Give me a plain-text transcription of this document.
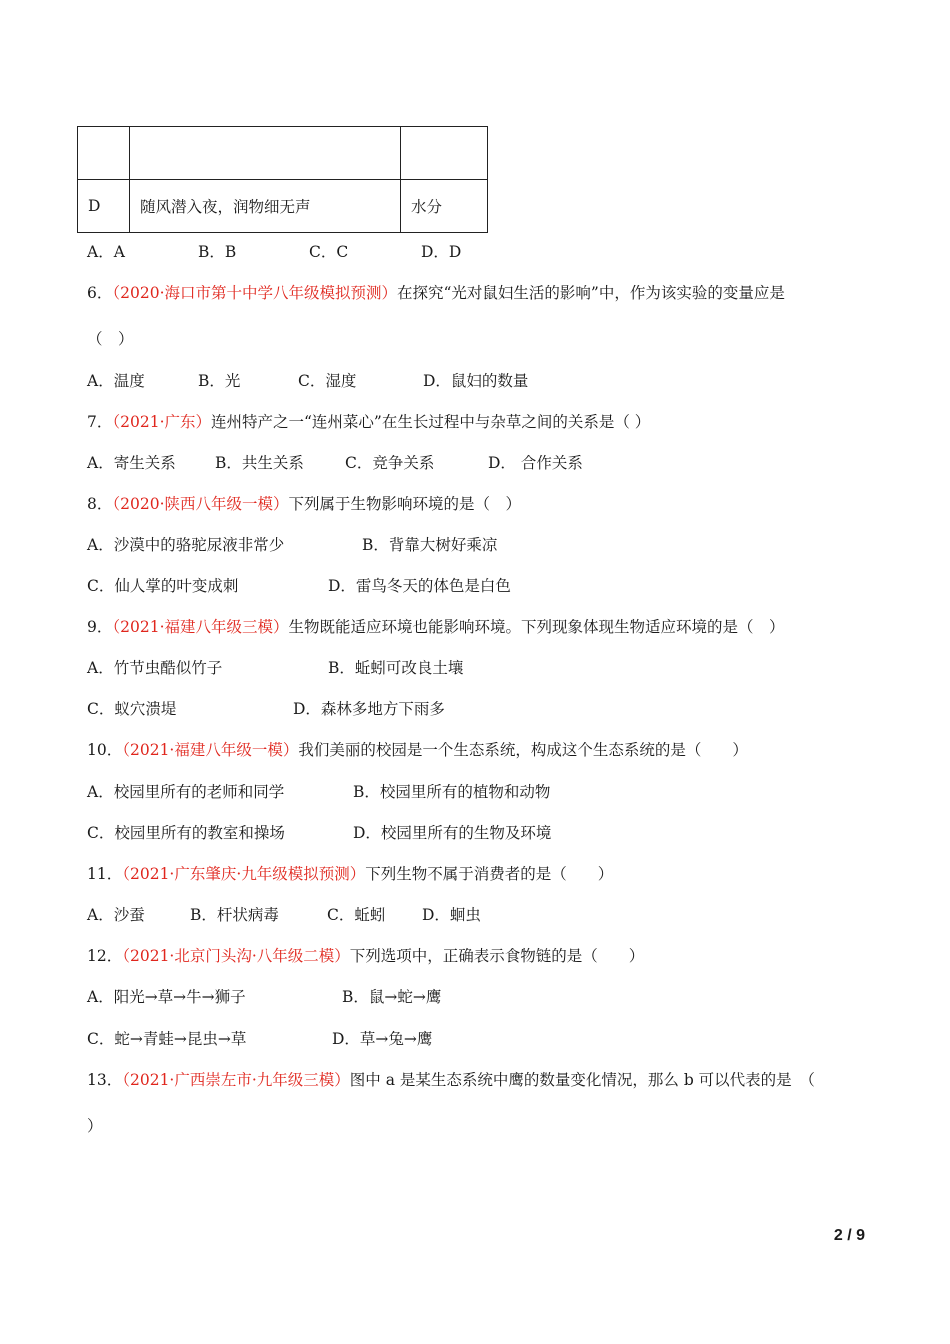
D	随风潜入夜，润物细无声	水分
A．A	B．B	C．C	D．D
6．（2020·海口市第十中学八年级模拟预测）在探究“光对鼠妇生活的影响”中，作为该实验的变量应是
（　）
A．温度	B．光	C．湿度	D．鼠妇的数量
7．（2021·广东）连州特产之一“连州菜心”在生长过程中与杂草之间的关系是（ ）
A．寄生关系	B．共生关系	C．竞争关系	D． 合作关系
8．（2020·陕西八年级一模）下列属于生物影响环境的是（　）
A．沙漠中的骆驼尿液非常少	B．背靠大树好乘凉
C．仙人掌的叶变成刺	D．雷鸟冬天的体色是白色
9．（2021·福建八年级三模）生物既能适应环境也能影响环境。下列现象体现生物适应环境的是（　）
A．竹节虫酷似竹子	B．蚯蚓可改良土壤
C．蚁穴溃堤	D．森林多地方下雨多
10．（2021·福建八年级一模）我们美丽的校园是一个生态系统，构成这个生态系统的是（　　）
A．校园里所有的老师和同学	B．校园里所有的植物和动物
C．校园里所有的教室和操场	D．校园里所有的生物及环境
11．（2021·广东肇庆·九年级模拟预测）下列生物不属于消费者的是（　　）
A．沙蚕	B．杆状病毒	C．蚯蚓 D．蛔虫
12．（2021·北京门头沟·八年级二模）下列选项中，正确表示食物链的是（　　）
A．阳光→草→牛→狮子	B．鼠→蛇→鹰
C．蛇→青蛙→昆虫→草	D．草→兔→鹰
13．（2021·广西崇左市·九年级三模）图中 a 是某生态系统中鹰的数量变化情况，那么 b 可以代表的是　（
）
2 / 9
